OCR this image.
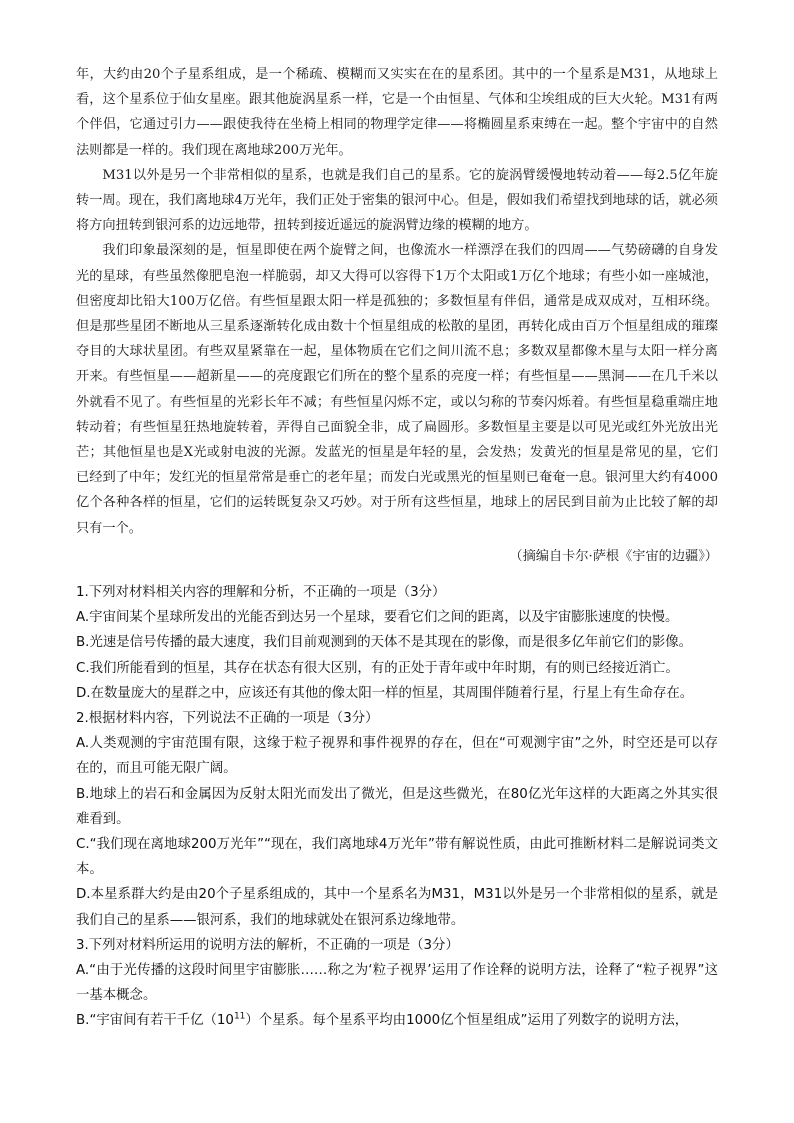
年，大约由20个子星系组成，是一个稀疏、模糊而又实实在在的星系团。其中的一个星系是M31，从地球上看，这个星系位于仙女星座。跟其他旋涡星系一样，它是一个由恒星、气体和尘埃组成的巨大火轮。M31有两个伴侣，它通过引力——跟使我待在坐椅上相同的物理学定律——将椭圆星系束缚在一起。整个宇宙中的自然法则都是一样的。我们现在离地球200万光年。

M31以外是另一个非常相似的星系，也就是我们自己的星系。它的旋涡臂缓慢地转动着——每2.5亿年旋转一周。现在，我们离地球4万光年，我们正处于密集的银河中心。但是，假如我们希望找到地球的话，就必须将方向扭转到银河系的边远地带，扭转到接近遥远的旋涡臂边缘的模糊的地方。

我们印象最深刻的是，恒星即使在两个旋臂之间，也像流水一样漂浮在我们的四周——气势磅礴的自身发光的星球，有些虽然像肥皂泡一样脆弱，却又大得可以容得下1万个太阳或1万亿个地球；有些小如一座城池，但密度却比铅大100万亿倍。有些恒星跟太阳一样是孤独的；多数恒星有伴侣，通常是成双成对，互相环绕。但是那些星团不断地从三星系逐渐转化成由数十个恒星组成的松散的星团，再转化成由百万个恒星组成的璀璨夺目的大球状星团。有些双星紧靠在一起，星体物质在它们之间川流不息；多数双星都像木星与太阳一样分离开来。有些恒星——超新星——的亮度跟它们所在的整个星系的亮度一样；有些恒星——黑洞——在几千米以外就看不见了。有些恒星的光彩长年不减；有些恒星闪烁不定，或以匀称的节奏闪烁着。有些恒星稳重端庄地转动着；有些恒星狂热地旋转着，弄得自己面貌全非，成了扁圆形。多数恒星主要是以可见光或红外光放出光芒；其他恒星也是X光或射电波的光源。发蓝光的恒星是年轻的星，会发热；发黄光的恒星是常见的星，它们已经到了中年；发红光的恒星常常是垂亡的老年星；而发白光或黑光的恒星则已奄奄一息。银河里大约有4000亿个各种各样的恒星，它们的运转既复杂又巧妙。对于所有这些恒星，地球上的居民到目前为止比较了解的却只有一个。

（摘编自卡尔·萨根《宇宙的边疆》）

1.下列对材料相关内容的理解和分析，不正确的一项是（3分）

A.宇宙间某个星球所发出的光能否到达另一个星球，要看它们之间的距离，以及宇宙膨胀速度的快慢。

B.光速是信号传播的最大速度，我们目前观测到的天体不是其现在的影像，而是很多亿年前它们的影像。

C.我们所能看到的恒星，其存在状态有很大区别，有的正处于青年或中年时期，有的则已经接近消亡。

D.在数量庞大的星群之中，应该还有其他的像太阳一样的恒星，其周围伴随着行星，行星上有生命存在。

2.根据材料内容，下列说法不正确的一项是（3分）

A.人类观测的宇宙范围有限，这缘于粒子视界和事件视界的存在，但在“可观测宇宙”之外，时空还是可以存在的，而且可能无限广阔。

B.地球上的岩石和金属因为反射太阳光而发出了微光，但是这些微光，在80亿光年这样的大距离之外其实很难看到。

C.“我们现在离地球200万光年”“现在，我们离地球4万光年”带有解说性质，由此可推断材料二是解说词类文本。

D.本星系群大约是由20个子星系组成的，其中一个星系名为M31，M31以外是另一个非常相似的星系，就是我们自己的星系——银河系，我们的地球就处在银河系边缘地带。

3.下列对材料所运用的说明方法的解析，不正确的一项是（3分）

A.“由于光传播的这段时间里宇宙膨胀……称之为‘粒子视界’运用了作诠释的说明方法，诠释了“粒子视界”这一基本概念。

B.“宇宙间有若干千亿$(10^{11})$个星系。每个星系平均由1000亿个恒星组成”运用了列数字的说明方法，
